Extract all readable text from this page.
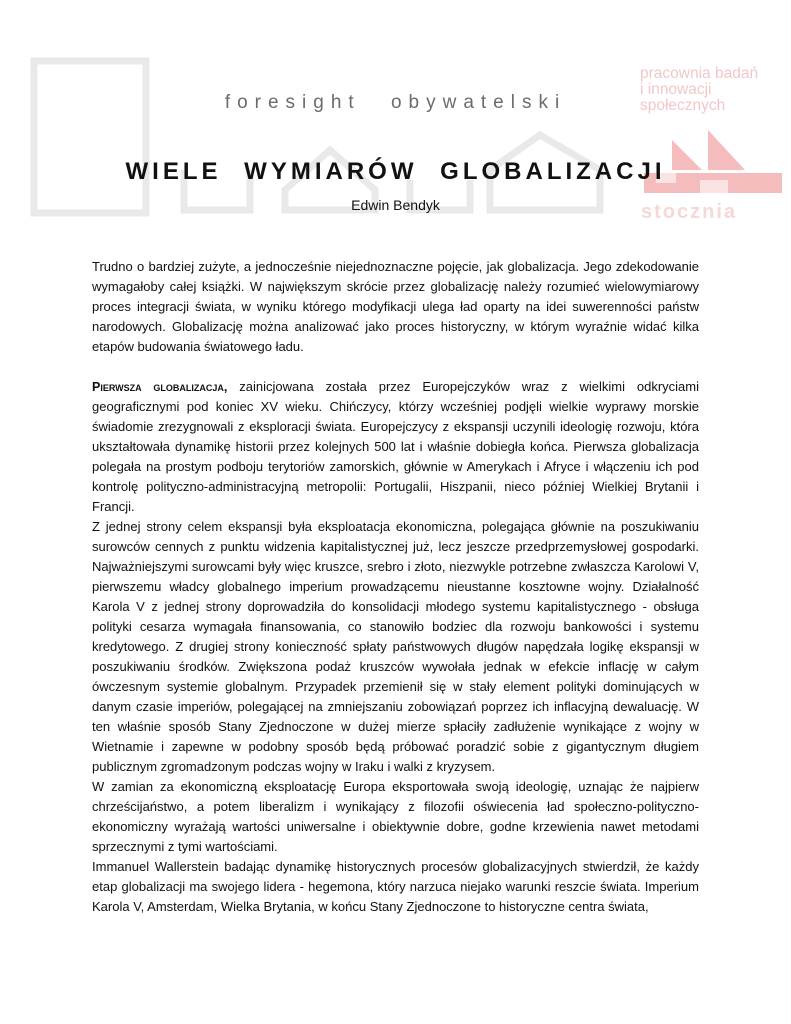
pracownia badań
i innowacji
społecznych
stocznia
foresight obywatelski
WIELE WYMIARÓW GLOBALIZACJI
Edwin Bendyk

Trudno o bardziej zużyte, a jednocześnie niejednoznaczne pojęcie, jak globalizacja. Jego zdekodowanie wymagałoby całej książki. W największym skrócie przez globalizację należy rozumieć wielowymiarowy proces integracji świata, w wyniku którego modyfikacji ulega ład oparty na idei suwerenności państw narodowych. Globalizację można analizować jako proces historyczny, w którym wyraźnie widać kilka etapów budowania światowego ładu.

Pierwsza globalizacja, zainicjowana została przez Europejczyków wraz z wielkimi odkryciami geograficznymi pod koniec XV wieku. Chińczycy, którzy wcześniej podjęli wielkie wyprawy morskie świadomie zrezygnowali z eksploracji świata. Europejczycy z ekspansji uczynili ideologię rozwoju, która ukształtowała dynamikę historii przez kolejnych 500 lat i właśnie dobiegła końca. Pierwsza globalizacja polegała na prostym podboju terytoriów zamorskich, głównie w Amerykach i Afryce i włączeniu ich pod kontrolę polityczno-administracyjną metropolii: Portugalii, Hiszpanii, nieco później Wielkiej Brytanii i Francji.

Z jednej strony celem ekspansji była eksploatacja ekonomiczna, polegająca głównie na poszukiwaniu surowców cennych z punktu widzenia kapitalistycznej już, lecz jeszcze przedprzemysłowej gospodarki. Najważniejszymi surowcami były więc kruszce, srebro i złoto, niezwykle potrzebne zwłaszcza Karolowi V, pierwszemu władcy globalnego imperium prowadzącemu nieustanne kosztowne wojny. Działalność Karola V z jednej strony doprowadziła do konsolidacji młodego systemu kapitalistycznego - obsługa polityki cesarza wymagała finansowania, co stanowiło bodziec dla rozwoju bankowości i systemu kredytowego. Z drugiej strony konieczność spłaty państwowych długów napędzała logikę ekspansji w poszukiwaniu środków. Zwiększona podaż kruszców wywołała jednak w efekcie inflację w całym ówczesnym systemie globalnym. Przypadek przemienił się w stały element polityki dominujących w danym czasie imperiów, polegającej na zmniejszaniu zobowiązań poprzez ich inflacyjną dewaluację. W ten właśnie sposób Stany Zjednoczone w dużej mierze spłaciły zadłużenie wynikające z wojny w Wietnamie i zapewne w podobny sposób będą próbować poradzić sobie z gigantycznym długiem publicznym zgromadzonym podczas wojny w Iraku i walki z kryzysem.

W zamian za ekonomiczną eksploatację Europa eksportowała swoją ideologię, uznając że najpierw chrześcijaństwo, a potem liberalizm i wynikający z filozofii oświecenia ład społeczno-polityczno-ekonomiczny wyrażają wartości uniwersalne i obiektywnie dobre, godne krzewienia nawet metodami sprzecznymi z tymi wartościami.

Immanuel Wallerstein badając dynamikę historycznych procesów globalizacyjnych stwierdził, że każdy etap globalizacji ma swojego lidera - hegemona, który narzuca niejako warunki reszcie świata. Imperium Karola V, Amsterdam, Wielka Brytania, w końcu Stany Zjednoczone to historyczne centra świata,
